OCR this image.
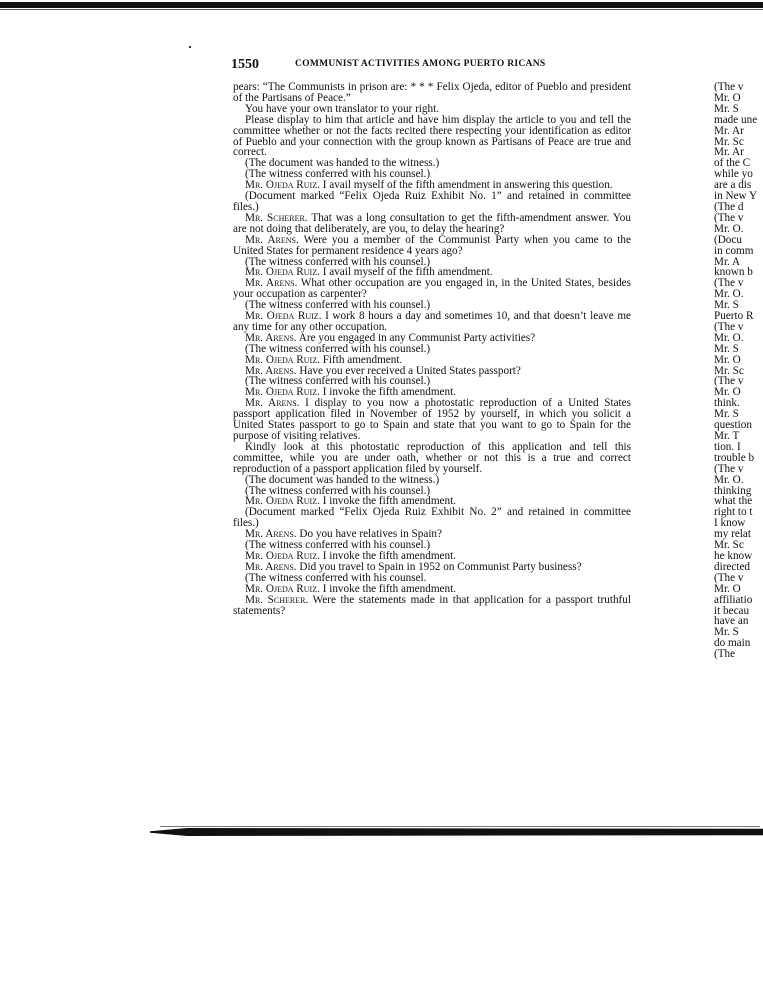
1550	COMMUNIST ACTIVITIES AMONG PUERTO RICANS

pears: “The Communists in prison are: * * * Felix Ojeda, editor of Pueblo and president of the Partisans of Peace.”

You have your own translator to your right.

Please display to him that article and have him display the article to you and tell the committee whether or not the facts recited there respecting your identification as editor of Pueblo and your connection with the group known as Partisans of Peace are true and correct.

(The document was handed to the witness.)

(The witness conferred with his counsel.)

Mr. Ojeda Ruiz. I avail myself of the fifth amendment in answering this question.

(Document marked “Felix Ojeda Ruiz Exhibit No. 1” and retained in committee files.)

Mr. Scherer. That was a long consultation to get the fifth-amendment answer. You are not doing that deliberately, are you, to delay the hearing?

Mr. Arens. Were you a member of the Communist Party when you came to the United States for permanent residence 4 years ago?

(The witness conferred with his counsel.)

Mr. Ojeda Ruiz. I avail myself of the fifth amendment.

Mr. Arens. What other occupation are you engaged in, in the United States, besides your occupation as carpenter?

(The witness conferred with his counsel.)

Mr. Ojeda Ruiz. I work 8 hours a day and sometimes 10, and that doesn’t leave me any time for any other occupation.

Mr. Arens. Are you engaged in any Communist Party activities?

(The witness conferred with his counsel.)

Mr. Ojeda Ruiz. Fifth amendment.

Mr. Arens. Have you ever received a United States passport?

(The witness conferred with his counsel.)

Mr. Ojeda Ruiz. I invoke the fifth amendment.

Mr. Arens. I display to you now a photostatic reproduction of a United States passport application filed in November of 1952 by yourself, in which you solicit a United States passport to go to Spain and state that you want to go to Spain for the purpose of visiting relatives.

Kindly look at this photostatic reproduction of this application and tell this committee, while you are under oath, whether or not this is a true and correct reproduction of a passport application filed by yourself.

(The document was handed to the witness.)

(The witness conferred with his counsel.)

Mr. Ojeda Ruiz. I invoke the fifth amendment.

(Document marked “Felix Ojeda Ruiz Exhibit No. 2” and retained in committee files.)

Mr. Arens. Do you have relatives in Spain?

(The witness conferred with his counsel.)

Mr. Ojeda Ruiz. I invoke the fifth amendment.

Mr. Arens. Did you travel to Spain in 1952 on Communist Party business?

(The witness conferred with his counsel.

Mr. Ojeda Ruiz. I invoke the fifth amendment.

Mr. Scherer. Were the statements made in that application for a passport truthful statements?

(The v

Mr. O

Mr. S

made une

Mr. Ar

Mr. Sc

Mr. Ar

of the C

while yo

are a dis

in New Y

(The d

(The v

Mr. O.

(Docu

in comm

Mr. A

known b

(The v

Mr. O.

Mr. S

Puerto R

(The v

Mr. O.

Mr. S

Mr. O

Mr. Sc

(The v

Mr. O

think.

Mr. S

question

Mr. T

tion. I

trouble b

(The v

Mr. O.

thinking

what the

right to t

I know

my relat

Mr. Sc

he know

directed

(The v

Mr. O

affiliatio

it becau

have an

Mr. S

do main

(The
